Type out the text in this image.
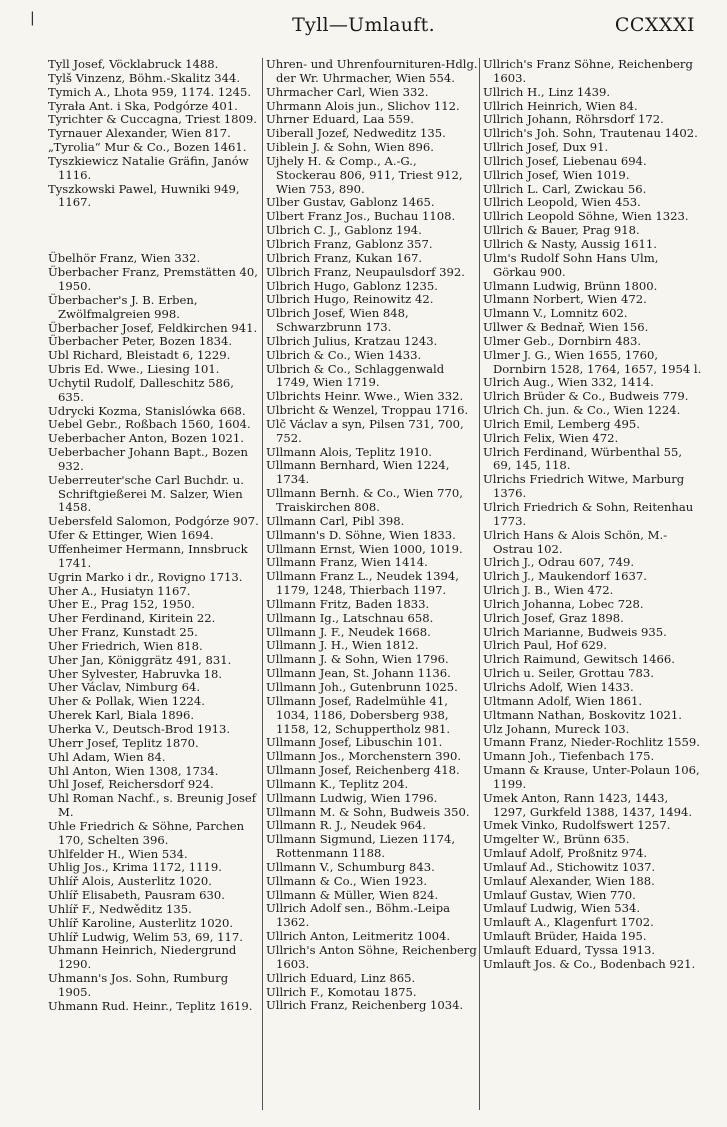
|	Tyll—Umlauft.	CCXXXI
Tyll Josef, Vöcklabruck 1488.
Tylš Vinzenz, Böhm.-Skalitz 344.
Tymich A., Lhota 959, 1174. 1245.
Tyrała Ant. i Ska, Podgórze 401.
Tyrichter & Cuccagna, Triest 1809.
Tyrnauer Alexander, Wien 817.
„Tyrolia“ Mur & Co., Bozen 1461.
Tyszkiewicz Natalie Gräfin, Janów 1116.
Tyszkowski Pawel, Huwniki 949, 1167.
Übelhör Franz, Wien 332.
Überbacher Franz, Premstätten 40, 1950.
Überbacher's J. B. Erben, Zwölfmalgreien 998.
Überbacher Josef, Feldkirchen 941.
Überbacher Peter, Bozen 1834.
Ubl Richard, Bleistadt 6, 1229.
Ubris Ed. Wwe., Liesing 101.
Uchytil Rudolf, Dalleschitz 586, 635.
Udrycki Kozma, Stanislówka 668.
Uebel Gebr., Roßbach 1560, 1604.
Ueberbacher Anton, Bozen 1021.
Ueberbacher Johann Bapt., Bozen 932.
Ueberreuter'sche Carl Buchdr. u. Schriftgießerei M. Salzer, Wien 1458.
Uebersfeld Salomon, Podgórze 907.
Ufer & Ettinger, Wien 1694.
Uffenheimer Hermann, Innsbruck 1741.
Ugrin Marko i dr., Rovigno 1713.
Uher A., Husiatyn 1167.
Uher E., Prag 152, 1950.
Uher Ferdinand, Kiritein 22.
Uher Franz, Kunstadt 25.
Uher Friedrich, Wien 818.
Uher Jan, Königgrätz 491, 831.
Uher Sylvester, Habruvka 18.
Uher Václav, Nimburg 64.
Uher & Pollak, Wien 1224.
Uherek Karl, Biala 1896.
Uherka V., Deutsch-Brod 1913.
Uherr Josef, Teplitz 1870.
Uhl Adam, Wien 84.
Uhl Anton, Wien 1308, 1734.
Uhl Josef, Reichersdorf 924.
Uhl Roman Nachf., s. Breunig Josef M.
Uhle Friedrich & Söhne, Parchen 170, Schelten 396.
Uhlfelder H., Wien 534.
Uhlig Jos., Krima 1172, 1119.
Uhlíř Alois, Austerlitz 1020.
Uhlíř Elisabeth, Pausram 630.
Uhlíř F., Nedwěditz 135.
Uhlíř Karoline, Austerlitz 1020.
Uhlíř Ludwig, Welim 53, 69, 117.
Uhmann Heinrich, Niedergrund 1290.
Uhmann's Jos. Sohn, Rumburg 1905.
Uhmann Rud. Heinr., Teplitz 1619.
Uhren- und Uhrenfournituren-Hdlg. der Wr. Uhrmacher, Wien 554.
Uhrmacher Carl, Wien 332.
Uhrmann Alois jun., Slichov 112.
Uhrner Eduard, Laa 559.
Uiberall Jozef, Nedweditz 135.
Uiblein J. & Sohn, Wien 896.
Ujhely H. & Comp., A.-G., Stockerau 806, 911, Triest 912, Wien 753, 890.
Ulber Gustav, Gablonz 1465.
Ulbert Franz Jos., Buchau 1108.
Ulbrich C. J., Gablonz 194.
Ulbrich Franz, Gablonz 357.
Ulbrich Franz, Kukan 167.
Ulbrich Franz, Neupaulsdorf 392.
Ulbrich Hugo, Gablonz 1235.
Ulbrich Hugo, Reinowitz 42.
Ulbrich Josef, Wien 848, Schwarzbrunn 173.
Ulbrich Julius, Kratzau 1243.
Ulbrich & Co., Wien 1433.
Ulbrich & Co., Schlaggenwald 1749, Wien 1719.
Ulbrichts Heinr. Wwe., Wien 332.
Ulbricht & Wenzel, Troppau 1716.
Ulč Václav a syn, Pilsen 731, 700, 752.
Ullmann Alois, Teplitz 1910.
Ullmann Bernhard, Wien 1224, 1734.
Ullmann Bernh. & Co., Wien 770, Traiskirchen 808.
Ullmann Carl, Pibl 398.
Ullmann's D. Söhne, Wien 1833.
Ullmann Ernst, Wien 1000, 1019.
Ullmann Franz, Wien 1414.
Ullmann Franz L., Neudek 1394, 1179, 1248, Thierbach 1197.
Ullmann Fritz, Baden 1833.
Ullmann Ig., Latschnau 658.
Ullmann J. F., Neudek 1668.
Ullmann J. H., Wien 1812.
Ullmann J. & Sohn, Wien 1796.
Ullmann Jean, St. Johann 1136.
Ullmann Joh., Gutenbrunn 1025.
Ullmann Josef, Radelmühle 41, 1034, 1186, Dobersberg 938, 1158, 12, Schuppertholz 981.
Ullmann Josef, Libuschin 101.
Ullmann Jos., Morchenstern 390.
Ullmann Josef, Reichenberg 418.
Ullmann K., Teplitz 204.
Ullmann Ludwig, Wien 1796.
Ullmann M. & Sohn, Budweis 350.
Ullmann R. J., Neudek 964.
Ullmann Sigmund, Liezen 1174, Rottenmann 1188.
Ullmann V., Schumburg 843.
Ullmann & Co., Wien 1923.
Ullmann & Müller, Wien 824.
Ullrich Adolf sen., Böhm.-Leipa 1362.
Ullrich Anton, Leitmeritz 1004.
Ullrich's Anton Söhne, Reichenberg 1603.
Ullrich Eduard, Linz 865.
Ullrich F., Komotau 1875.
Ullrich Franz, Reichenberg 1034.
Ullrich's Franz Söhne, Reichenberg 1603.
Ullrich H., Linz 1439.
Ullrich Heinrich, Wien 84.
Ullrich Johann, Röhrsdorf 172.
Ullrich's Joh. Sohn, Trautenau 1402.
Ullrich Josef, Dux 91.
Ullrich Josef, Liebenau 694.
Ullrich Josef, Wien 1019.
Ullrich L. Carl, Zwickau 56.
Ullrich Leopold, Wien 453.
Ullrich Leopold Söhne, Wien 1323.
Ullrich & Bauer, Prag 918.
Ullrich & Nasty, Aussig 1611.
Ulm's Rudolf Sohn Hans Ulm, Görkau 900.
Ulmann Ludwig, Brünn 1800.
Ulmann Norbert, Wien 472.
Ulmann V., Lomnitz 602.
Ullwer & Bednař, Wien 156.
Ulmer Geb., Dornbirn 483.
Ulmer J. G., Wien 1655, 1760, Dornbirn 1528, 1764, 1657, 1954 l.
Ulrich Aug., Wien 332, 1414.
Ulrich Brüder & Co., Budweis 779.
Ulrich Ch. jun. & Co., Wien 1224.
Ulrich Emil, Lemberg 495.
Ulrich Felix, Wien 472.
Ulrich Ferdinand, Würbenthal 55, 69, 145, 118.
Ulrichs Friedrich Witwe, Marburg 1376.
Ulrich Friedrich & Sohn, Reitenhau 1773.
Ulrich Hans & Alois Schön, M.-Ostrau 102.
Ulrich J., Odrau 607, 749.
Ulrich J., Maukendorf 1637.
Ulrich J. B., Wien 472.
Ulrich Johanna, Lobec 728.
Ulrich Josef, Graz 1898.
Ulrich Marianne, Budweis 935.
Ulrich Paul, Hof 629.
Ulrich Raimund, Gewitsch 1466.
Ulrich u. Seiler, Grottau 783.
Ulrichs Adolf, Wien 1433.
Ultmann Adolf, Wien 1861.
Ultmann Nathan, Boskovitz 1021.
Ulz Johann, Mureck 103.
Umann Franz, Nieder-Rochlitz 1559.
Umann Joh., Tiefenbach 175.
Umann & Krause, Unter-Polaun 106, 1199.
Umek Anton, Rann 1423, 1443, 1297, Gurkfeld 1388, 1437, 1494.
Umek Vinko, Rudolfswert 1257.
Umgelter W., Brünn 635.
Umlauf Adolf, Proßnitz 974.
Umlauf Ad., Stichowitz 1037.
Umlauf Alexander, Wien 188.
Umlauf Gustav, Wien 770.
Umlauf Ludwig, Wien 534.
Umlauft A., Klagenfurt 1702.
Umlauft Brüder, Haida 195.
Umlauft Eduard, Tyssa 1913.
Umlauft Jos. & Co., Bodenbach 921.
